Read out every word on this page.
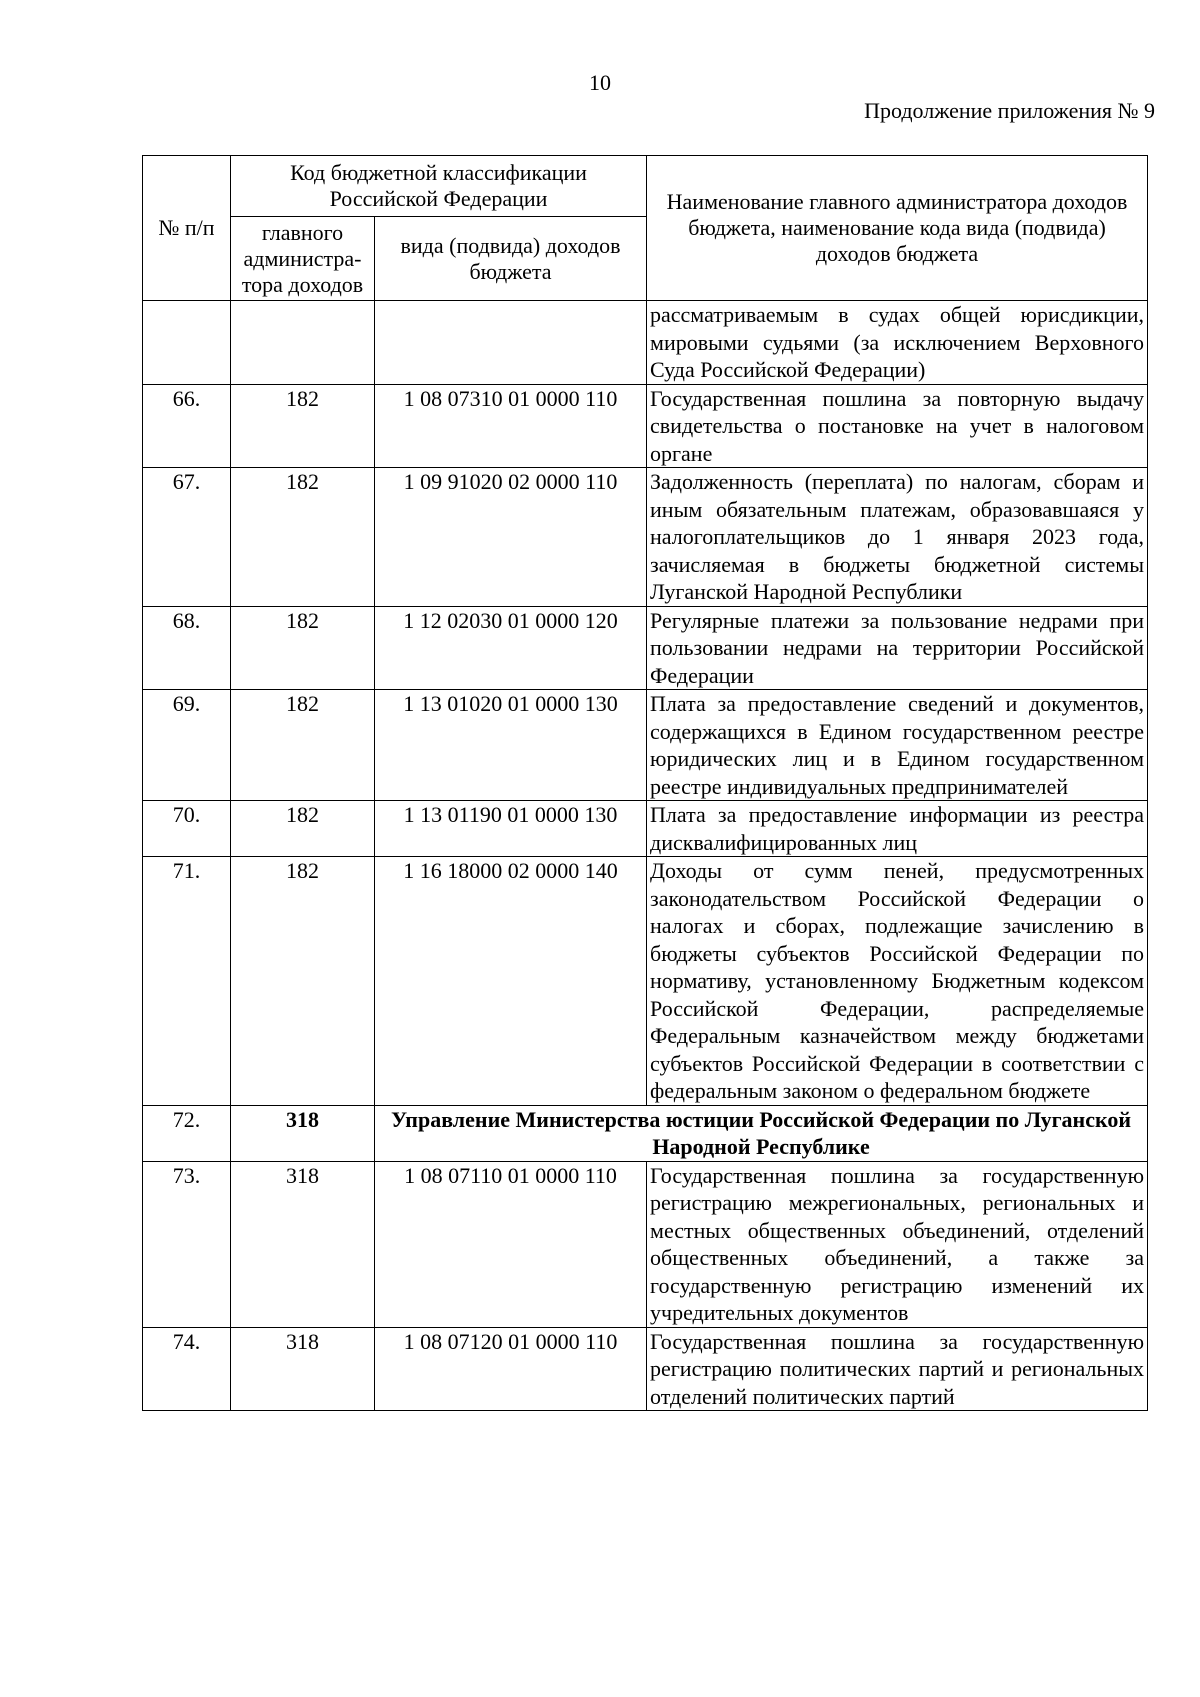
10
Продолжение приложения № 9
№ п/п	Код бюджетной классификации Российской Федерации		Наименование главного администратора доходов бюджета, наименование кода вида (подвида) доходов бюджета
	главного администра-тора доходов	вида (подвида) доходов бюджета	
			рассматриваемым в судах общей юрисдикции, мировыми судьями (за исключением Верховного Суда Российской Федерации)
66.	182	1 08 07310 01 0000 110	Государственная пошлина за повторную выдачу свидетельства о постановке на учет в налоговом органе
67.	182	1 09 91020 02 0000 110	Задолженность (переплата) по налогам, сборам и иным обязательным платежам, образовавшаяся у налогоплательщиков до 1 января 2023 года, зачисляемая в бюджеты бюджетной системы Луганской Народной Республики
68.	182	1 12 02030 01 0000 120	Регулярные платежи за пользование недрами при пользовании недрами на территории Российской Федерации
69.	182	1 13 01020 01 0000 130	Плата за предоставление сведений и документов, содержащихся в Едином государственном реестре юридических лиц и в Едином государственном реестре индивидуальных предпринимателей
70.	182	1 13 01190 01 0000 130	Плата за предоставление информации из реестра дисквалифицированных лиц
71.	182	1 16 18000 02 0000 140	Доходы от сумм пеней, предусмотренных законодательством Российской Федерации о налогах и сборах, подлежащие зачислению в бюджеты субъектов Российской Федерации по нормативу, установленному Бюджетным кодексом Российской Федерации, распределяемые Федеральным казначейством между бюджетами субъектов Российской Федерации в соответствии с федеральным законом о федеральном бюджете
72.	318	Управление Министерства юстиции Российской Федерации по Луганской Народной Республике	
73.	318	1 08 07110 01 0000 110	Государственная пошлина за государственную регистрацию межрегиональных, региональных и местных общественных объединений, отделений общественных объединений, а также за государственную регистрацию изменений их учредительных документов
74.	318	1 08 07120 01 0000 110	Государственная пошлина за государственную регистрацию политических партий и региональных отделений политических партий
